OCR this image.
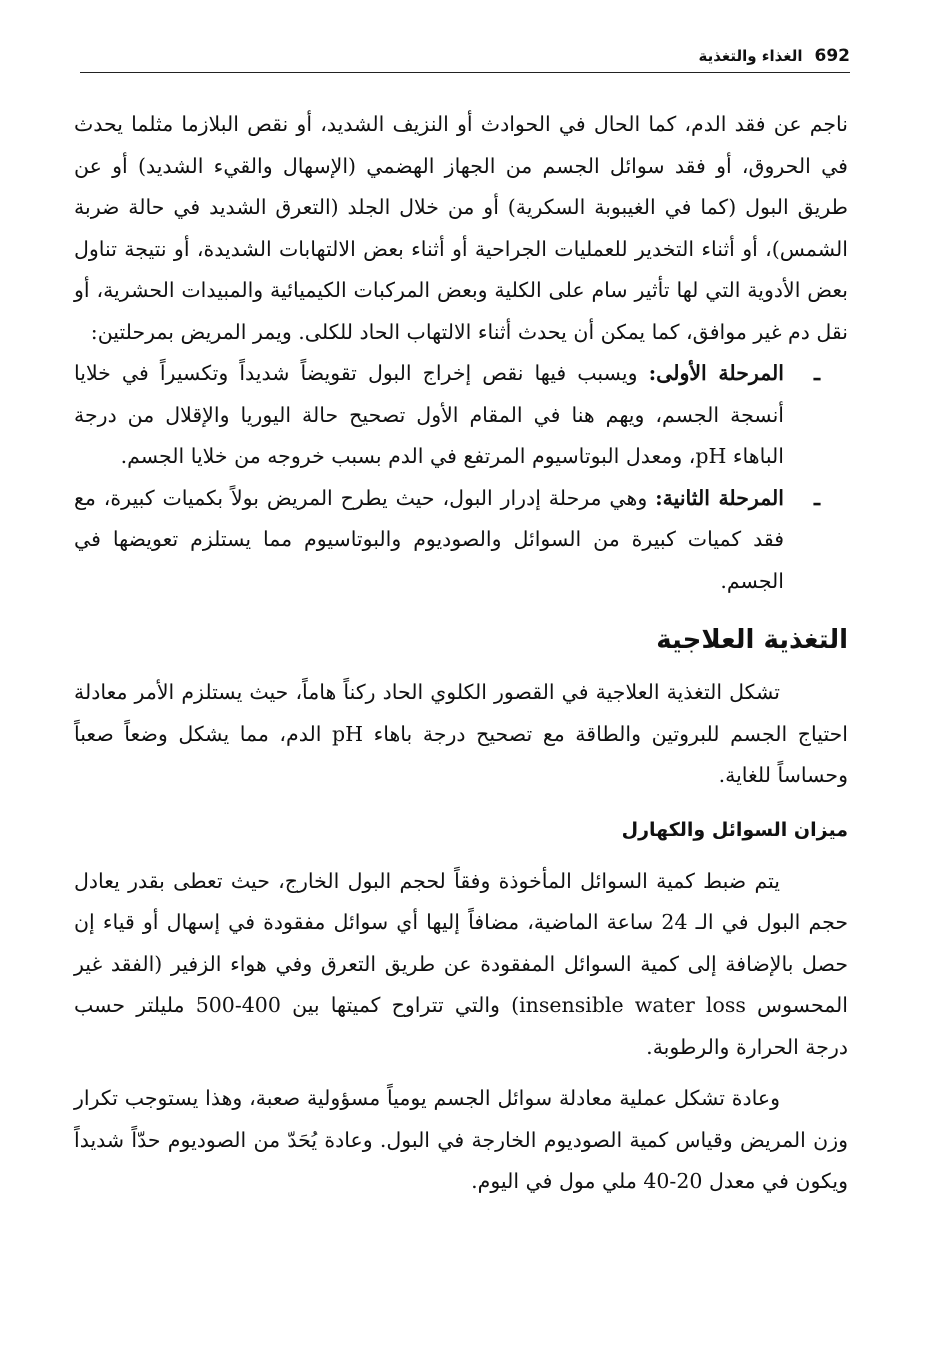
692
الغذاء والتغذية

ناجم عن فقد الدم، كما الحال في الحوادث أو النزيف الشديد، أو نقص البلازما مثلما يحدث في الحروق، أو فقد سوائل الجسم من الجهاز الهضمي (الإسهال والقيء الشديد) أو عن طريق البول (كما في الغيبوبة السكرية) أو من خلال الجلد (التعرق الشديد في حالة ضربة الشمس)، أو أثناء التخدير للعمليات الجراحية أو أثناء بعض الالتهابات الشديدة، أو نتيجة تناول بعض الأدوية التي لها تأثير سام على الكلية وبعض المركبات الكيميائية والمبيدات الحشرية، أو نقل دم غير موافق، كما يمكن أن يحدث أثناء الالتهاب الحاد للكلى. ويمر المريض بمرحلتين:

ـ
المرحلة الأولى: ويسبب فيها نقص إخراج البول تقويضاً شديداً وتكسيراً في خلايا أنسجة الجسم، ويهم هنا في المقام الأول تصحيح حالة اليوريا والإقلال من درجة الباهاء pH، ومعدل البوتاسيوم المرتفع في الدم بسبب خروجه من خلايا الجسم.

ـ
المرحلة الثانية: وهي مرحلة إدرار البول، حيث يطرح المريض بولاً بكميات كبيرة، مع فقد كميات كبيرة من السوائل والصوديوم والبوتاسيوم مما يستلزم تعويضها في الجسم.

التغذية العلاجية

تشكل التغذية العلاجية في القصور الكلوي الحاد ركناً هاماً، حيث يستلزم الأمر معادلة احتياج الجسم للبروتين والطاقة مع تصحيح درجة باهاء pH الدم، مما يشكل وضعاً صعباً وحساساً للغاية.

ميزان السوائل والكهارل

يتم ضبط كمية السوائل المأخوذة وفقاً لحجم البول الخارج، حيث تعطى بقدر يعادل حجم البول في الـ 24 ساعة الماضية، مضافاً إليها أي سوائل مفقودة في إسهال أو قياء إن حصل بالإضافة إلى كمية السوائل المفقودة عن طريق التعرق وفي هواء الزفير (الفقد غير المحسوس insensible water loss) والتي تتراوح كميتها بين 400-500 مليلتر حسب درجة الحرارة والرطوبة.

وعادة تشكل عملية معادلة سوائل الجسم يومياً مسؤولية صعبة، وهذا يستوجب تكرار وزن المريض وقياس كمية الصوديوم الخارجة في البول. وعادة يُحَدّ من الصوديوم حدّاً شديداً ويكون في معدل 20-40 ملي مول في اليوم.
